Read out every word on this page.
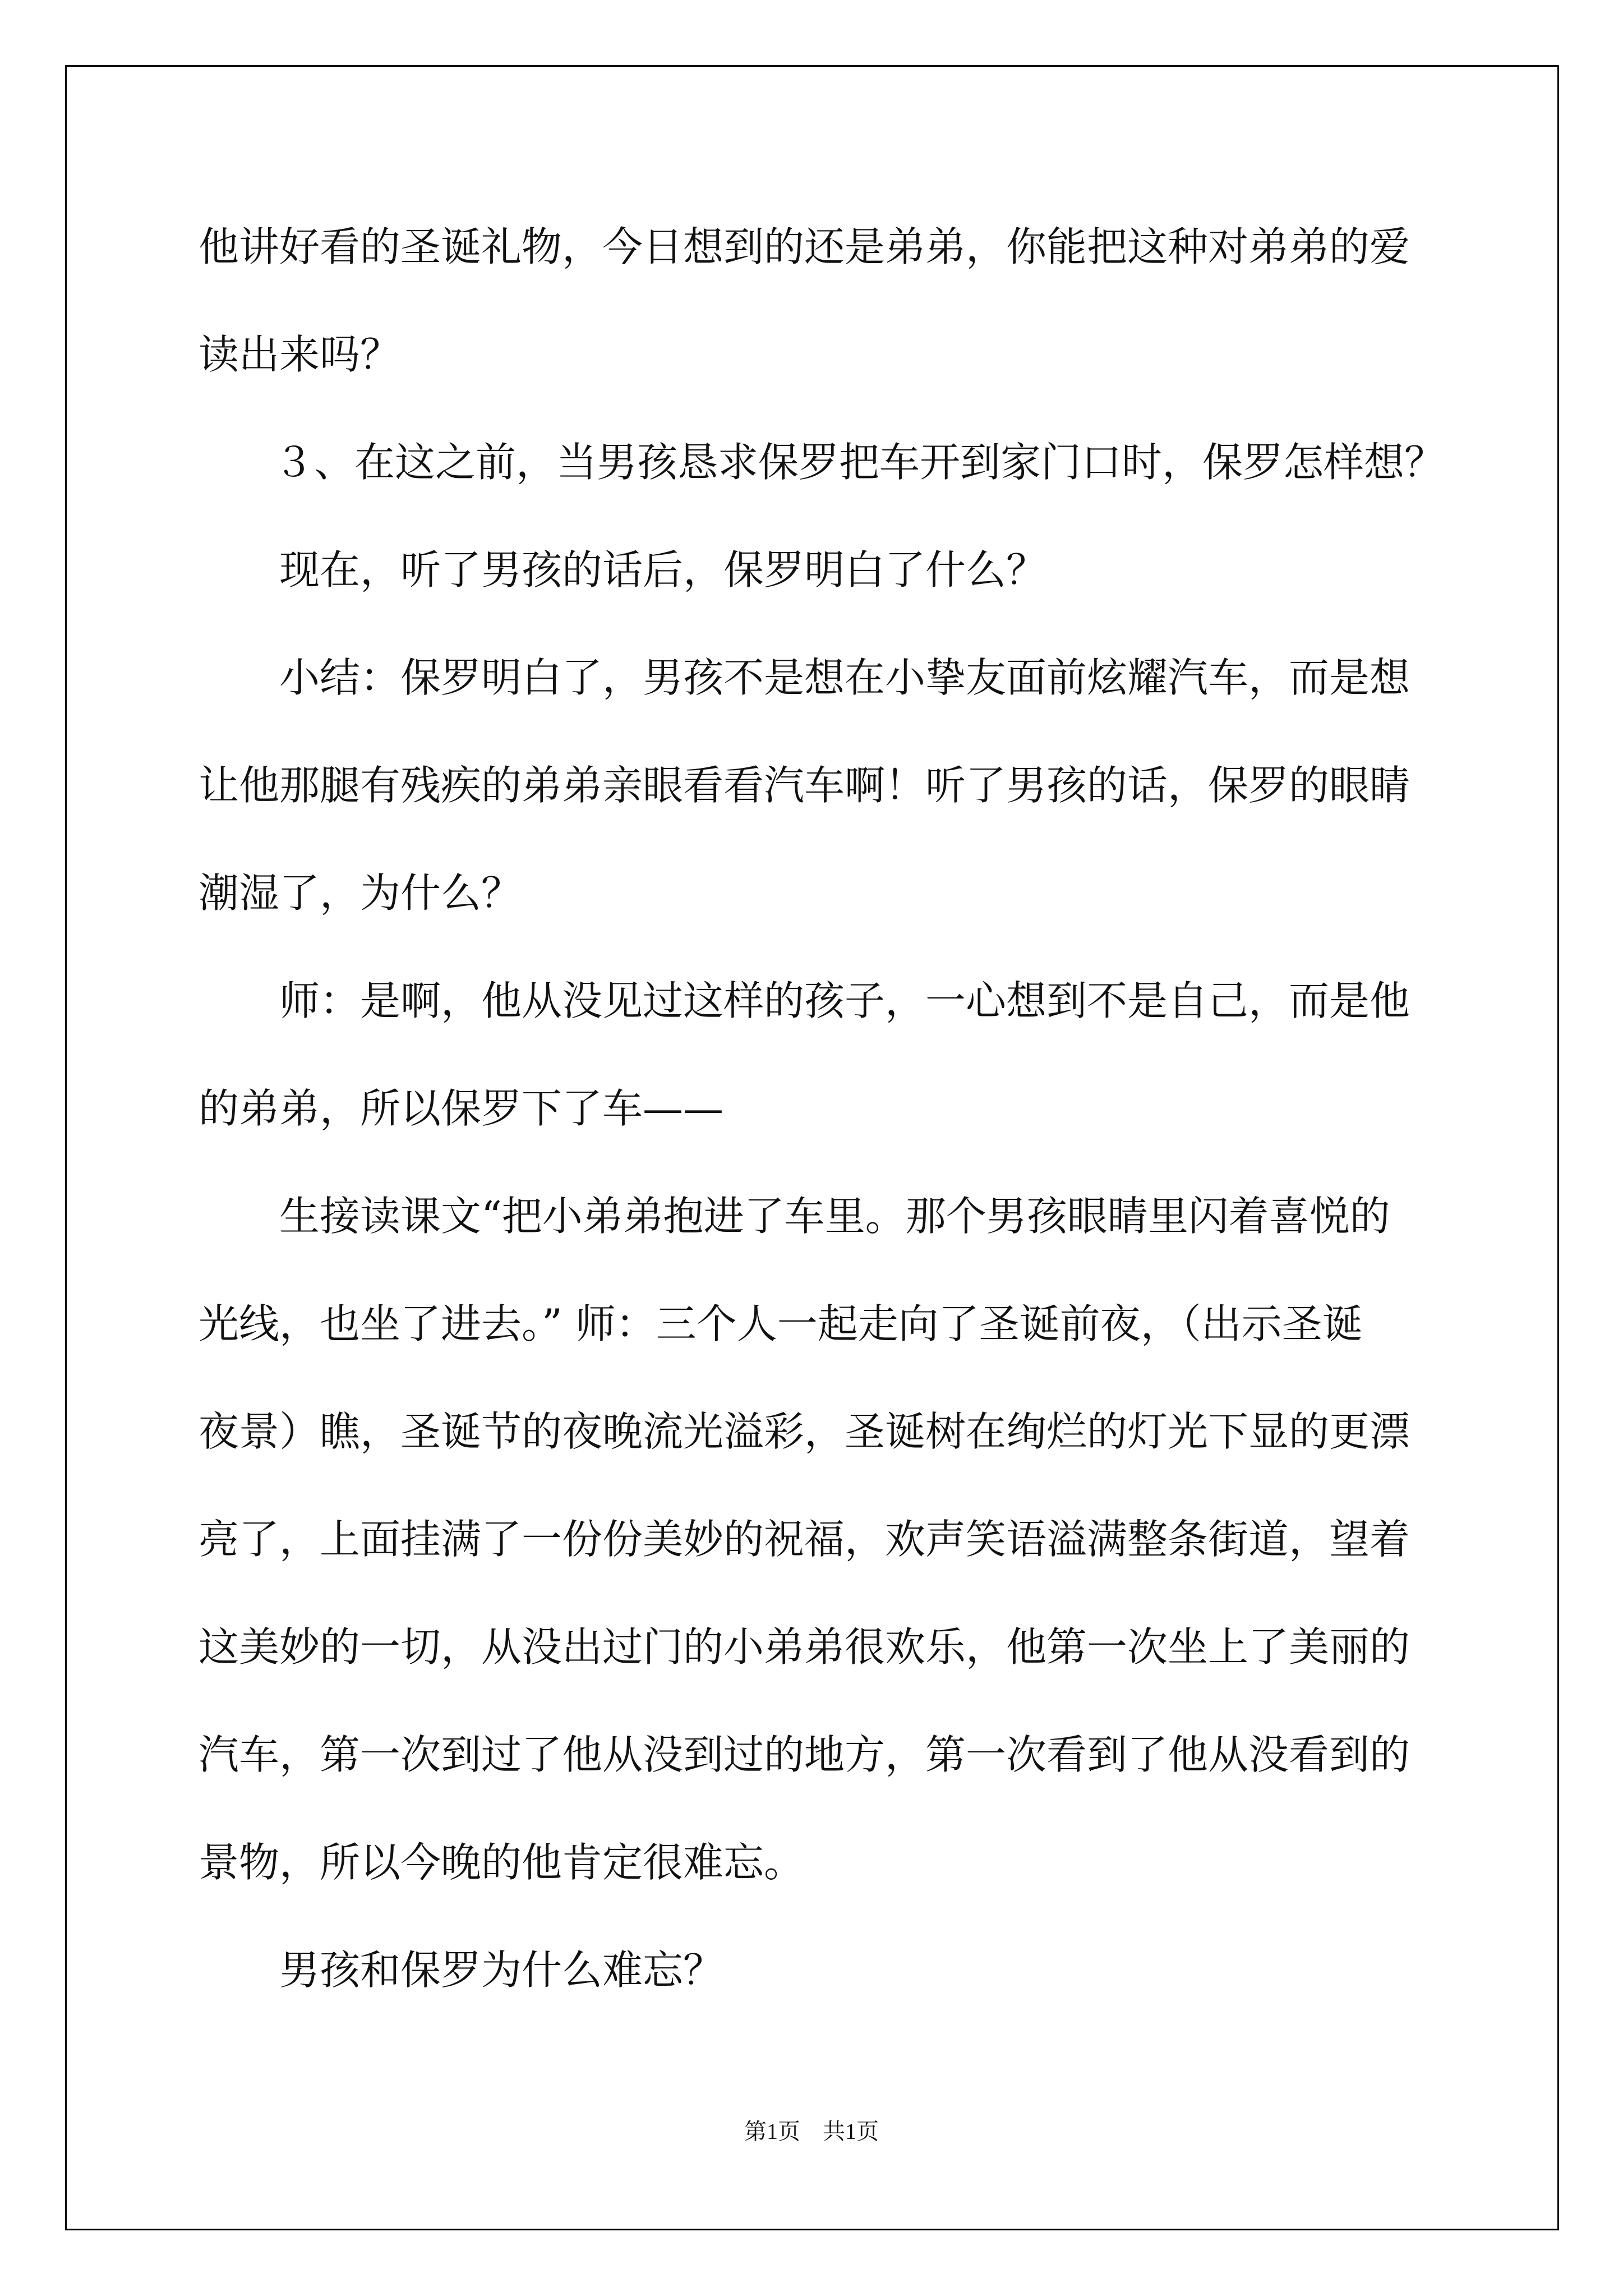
他讲好看的圣诞礼物，今日想到的还是弟弟，你能把这种对弟弟的爱

读出来吗？

３、在这之前，当男孩恳求保罗把车开到家门口时，保罗怎样想？

现在，听了男孩的话后，保罗明白了什么？

小结：保罗明白了，男孩不是想在小挚友面前炫耀汽车，而是想

让他那腿有残疾的弟弟亲眼看看汽车啊！听了男孩的话，保罗的眼睛

潮湿了，为什么？

师：是啊，他从没见过这样的孩子，一心想到不是自己，而是他

的弟弟，所以保罗下了车——

生接读课文“把小弟弟抱进了车里。那个男孩眼睛里闪着喜悦的

光线，也坐了进去。” 师：三个人一起走向了圣诞前夜，（出示圣诞

夜景）瞧，圣诞节的夜晚流光溢彩，圣诞树在绚烂的灯光下显的更漂

亮了，上面挂满了一份份美妙的祝福，欢声笑语溢满整条街道，望着

这美妙的一切，从没出过门的小弟弟很欢乐，他第一次坐上了美丽的

汽车，第一次到过了他从没到过的地方，第一次看到了他从没看到的

景物，所以今晚的他肯定很难忘。

男孩和保罗为什么难忘？

第1页　共1页
